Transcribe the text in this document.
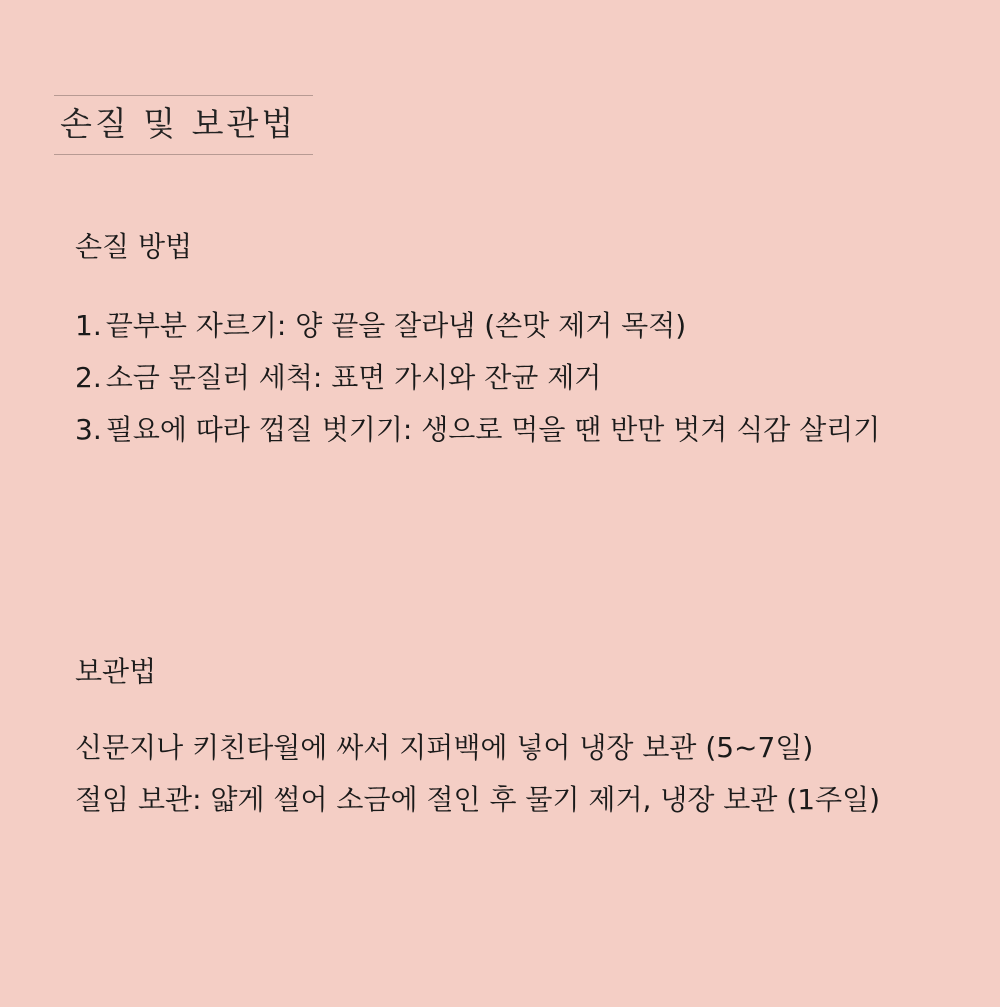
손질 및 보관법
손질 방법
1. 끝부분 자르기: 양 끝을 잘라냄 (쓴맛 제거 목적)
2. 소금 문질러 세척: 표면 가시와 잔균 제거
3. 필요에 따라 껍질 벗기기: 생으로 먹을 땐 반만 벗겨 식감 살리기
보관법
신문지나 키친타월에 싸서 지퍼백에 넣어 냉장 보관 (5~7일)
절임 보관: 얇게 썰어 소금에 절인 후 물기 제거, 냉장 보관 (1주일)
